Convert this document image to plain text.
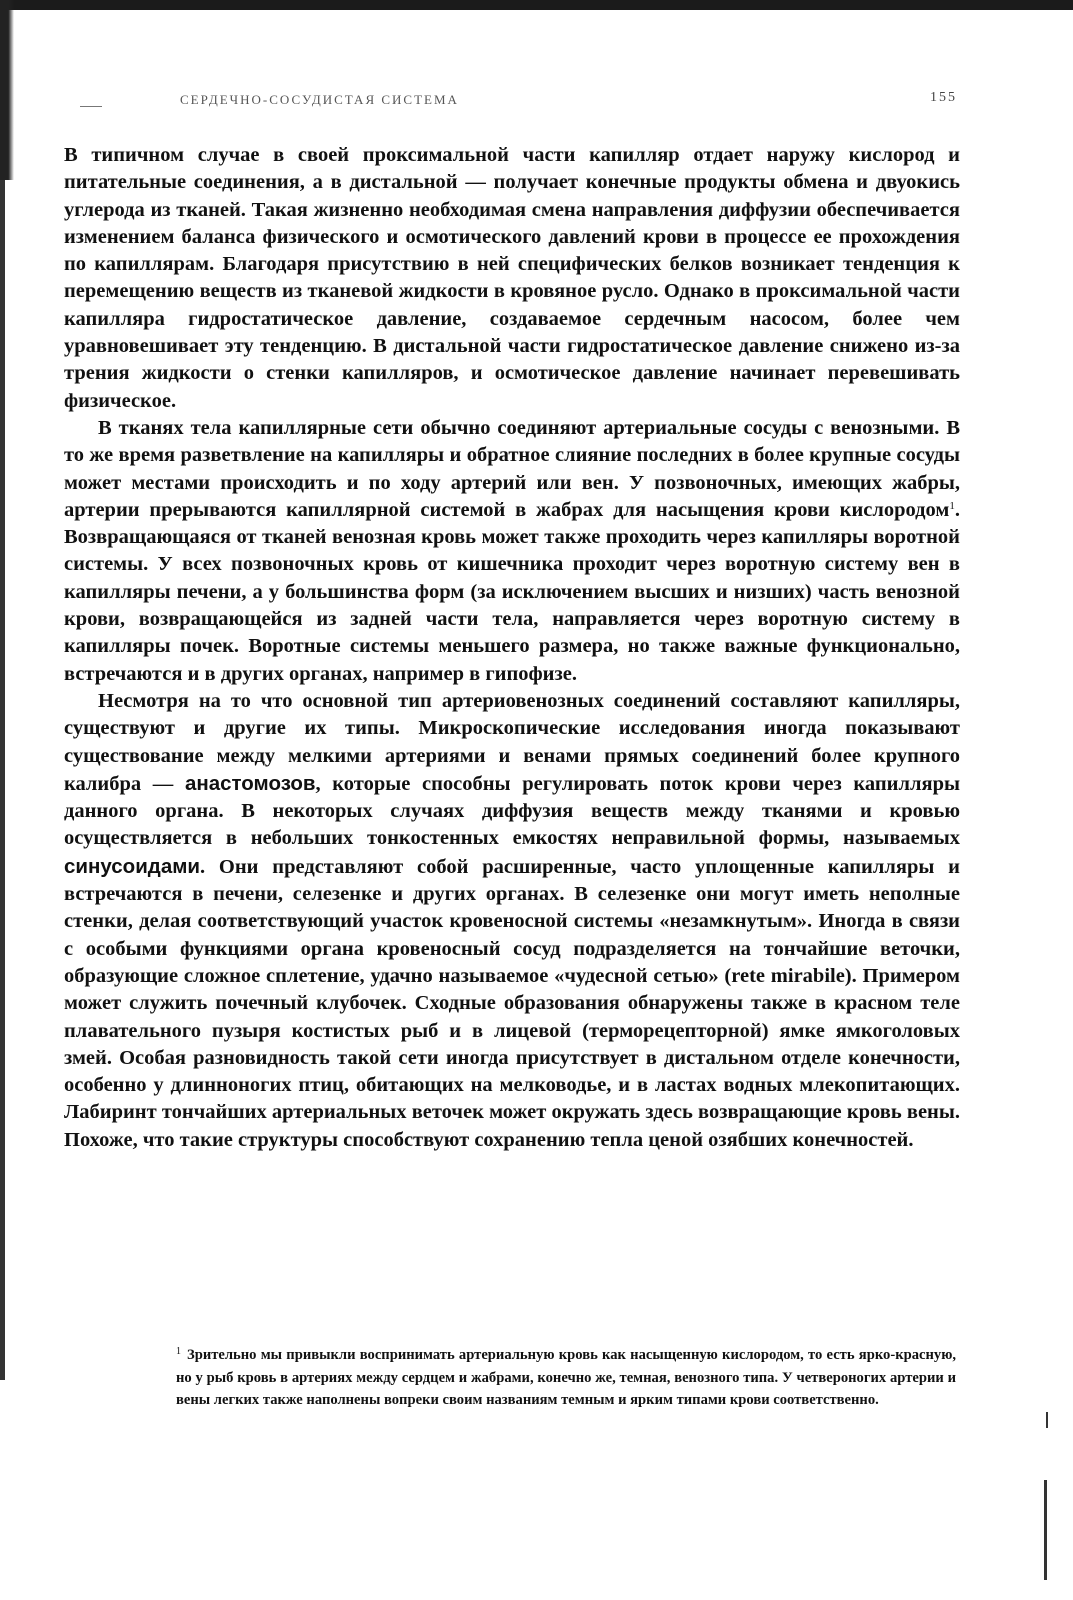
СЕРДЕЧНО-СОСУДИСТАЯ СИСТЕМА	155

В типичном случае в своей проксимальной части капилляр отдает наружу кислород и питательные соединения, а в дистальной — получает конечные продукты обмена и двуокись углерода из тканей. Такая жизненно необходимая смена направления диффузии обеспечивается изменением баланса физического и осмотического давлений крови в процессе ее прохождения по капиллярам. Благодаря присутствию в ней специфических белков возникает тенденция к перемещению веществ из тканевой жидкости в кровяное русло. Однако в проксимальной части капилляра гидростатическое давление, создаваемое сердечным насосом, более чем уравновешивает эту тенденцию. В дистальной части гидростатическое давление снижено из-за трения жидкости о стенки капилляров, и осмотическое давление начинает перевешивать физическое.

В тканях тела капиллярные сети обычно соединяют артериальные сосуды с венозными. В то же время разветвление на капилляры и обратное слияние последних в более крупные сосуды может местами происходить и по ходу артерий или вен. У позвоночных, имеющих жабры, артерии прерываются капиллярной системой в жабрах для насыщения крови кислородом$^1$. Возвращающаяся от тканей венозная кровь может также проходить через капилляры воротной системы. У всех позвоночных кровь от кишечника проходит через воротную систему вен в капилляры печени, а у большинства форм (за исключением высших и низших) часть венозной крови, возвращающейся из задней части тела, направляется через воротную систему в капилляры почек. Воротные системы меньшего размера, но также важные функционально, встречаются и в других органах, например в гипофизе.

Несмотря на то что основной тип артериовенозных соединений составляют капилляры, существуют и другие их типы. Микроскопические исследования иногда показывают существование между мелкими артериями и венами прямых соединений более крупного калибра — анастомозов, которые способны регулировать поток крови через капилляры данного органа. В некоторых случаях диффузия веществ между тканями и кровью осуществляется в небольших тонкостенных емкостях неправильной формы, называемых синусоидами. Они представляют собой расширенные, часто уплощенные капилляры и встречаются в печени, селезенке и других органах. В селезенке они могут иметь неполные стенки, делая соответствующий участок кровеносной системы «незамкнутым». Иногда в связи с особыми функциями органа кровеносный сосуд подразделяется на тончайшие веточки, образующие сложное сплетение, удачно называемое «чудесной сетью» (rete mirabile). Примером может служить почечный клубочек. Сходные образования обнаружены также в красном теле плавательного пузыря костистых рыб и в лицевой (терморецепторной) ямке ямкоголовых змей. Особая разновидность такой сети иногда присутствует в дистальном отделе конечности, особенно у длинноногих птиц, обитающих на мелководье, и в ластах водных млекопитающих. Лабиринт тончайших артериальных веточек может окружать здесь возвращающие кровь вены. Похоже, что такие структуры способствуют сохранению тепла ценой озябших конечностей.

$^1$ Зрительно мы привыкли воспринимать артериальную кровь как насыщенную кислородом, то есть ярко-красную, но у рыб кровь в артериях между сердцем и жабрами, конечно же, темная, венозного типа. У четвероногих артерии и вены легких также наполнены вопреки своим названиям темным и ярким типами крови соответственно.
